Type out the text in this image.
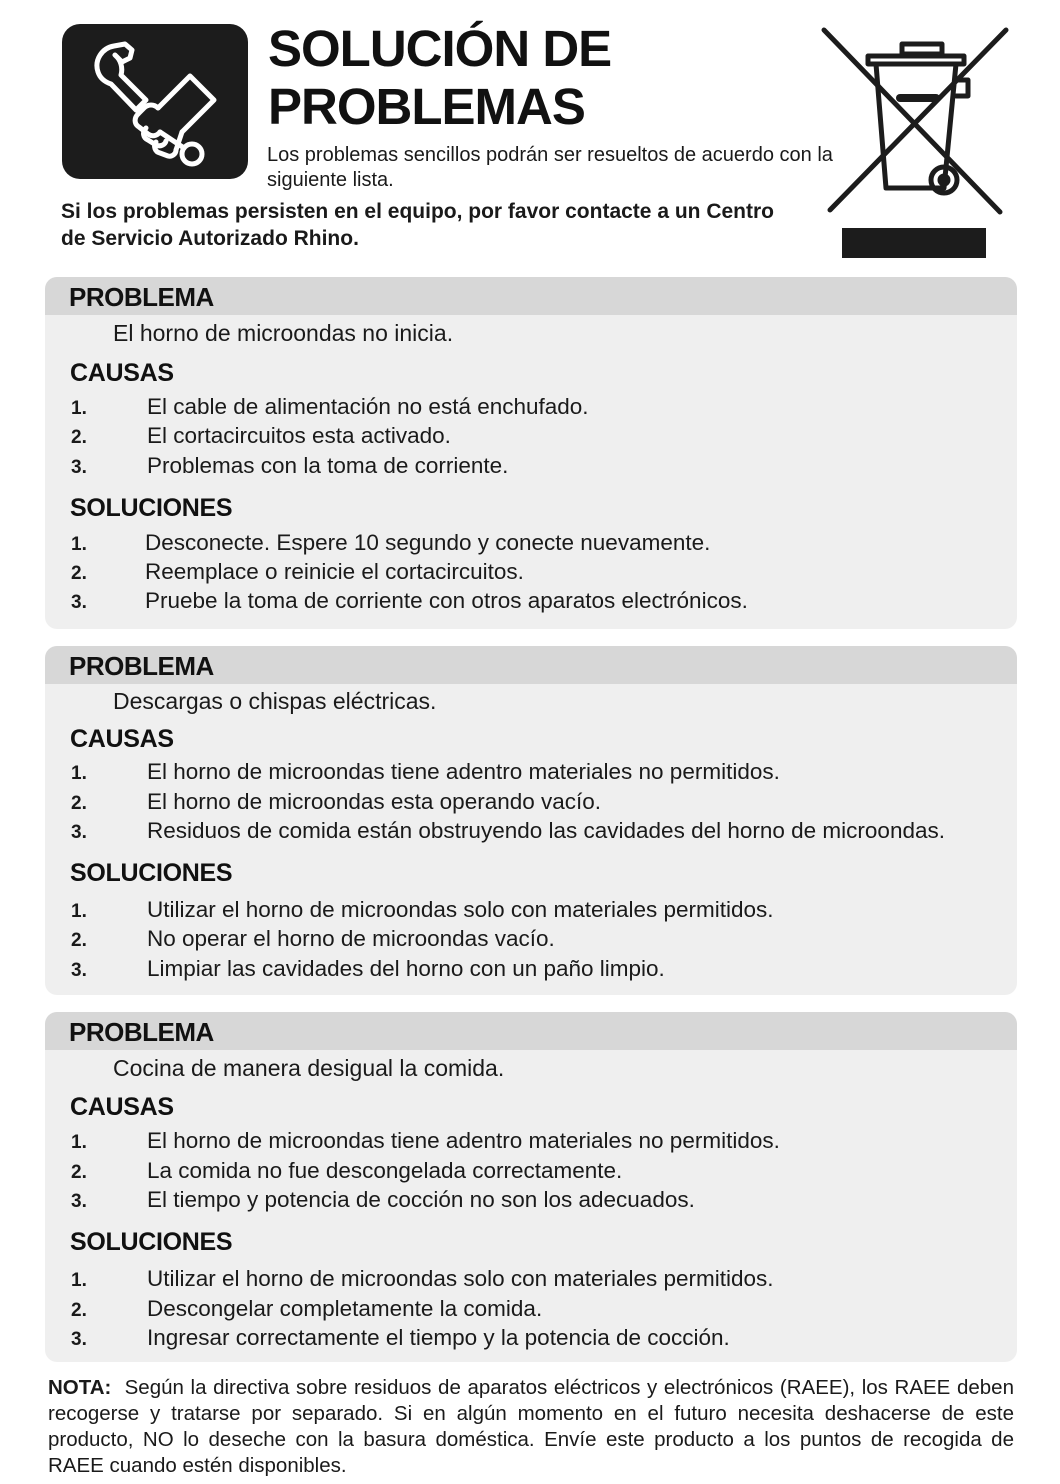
SOLUCIÓN DE
PROBLEMAS
Los problemas sencillos podrán ser resueltos de acuerdo con la siguiente lista.
Si los problemas persisten en el equipo, por favor contacte a un Centro de Servicio Autorizado Rhino.
PROBLEMA
El horno de microondas no inicia.
CAUSAS
1.	El cable de alimentación no está enchufado.
2.	El cortacircuitos esta activado.
3.	Problemas con la toma de corriente.
SOLUCIONES
1.	Desconecte. Espere 10 segundo y conecte nuevamente.
2.	Reemplace o reinicie el cortacircuitos.
3.	Pruebe la toma de corriente con otros aparatos electrónicos.
PROBLEMA
Descargas o chispas eléctricas.
CAUSAS
1.	El horno de microondas tiene adentro materiales no permitidos.
2.	El horno de microondas esta operando vacío.
3.	Residuos de comida están obstruyendo las cavidades del horno de microondas.
SOLUCIONES
1.	Utilizar el horno de microondas solo con materiales permitidos.
2.	No operar el horno de microondas vacío.
3.	Limpiar las cavidades del horno con un paño limpio.
PROBLEMA
Cocina de manera desigual la comida.
CAUSAS
1.	El horno de microondas tiene adentro materiales no permitidos.
2.	La comida no fue descongelada correctamente.
3.	El tiempo y potencia de cocción no son los adecuados.
SOLUCIONES
1.	Utilizar el horno de microondas solo con materiales permitidos.
2.	Descongelar completamente la comida.
3.	Ingresar correctamente el tiempo y la potencia de cocción.
NOTA: Según la directiva sobre residuos de aparatos eléctricos y electrónicos (RAEE), los RAEE deben recogerse y tratarse por separado. Si en algún momento en el futuro necesita deshacerse de este producto, NO lo deseche con la basura doméstica. Envíe este producto a los puntos de recogida de RAEE cuando estén disponibles.
